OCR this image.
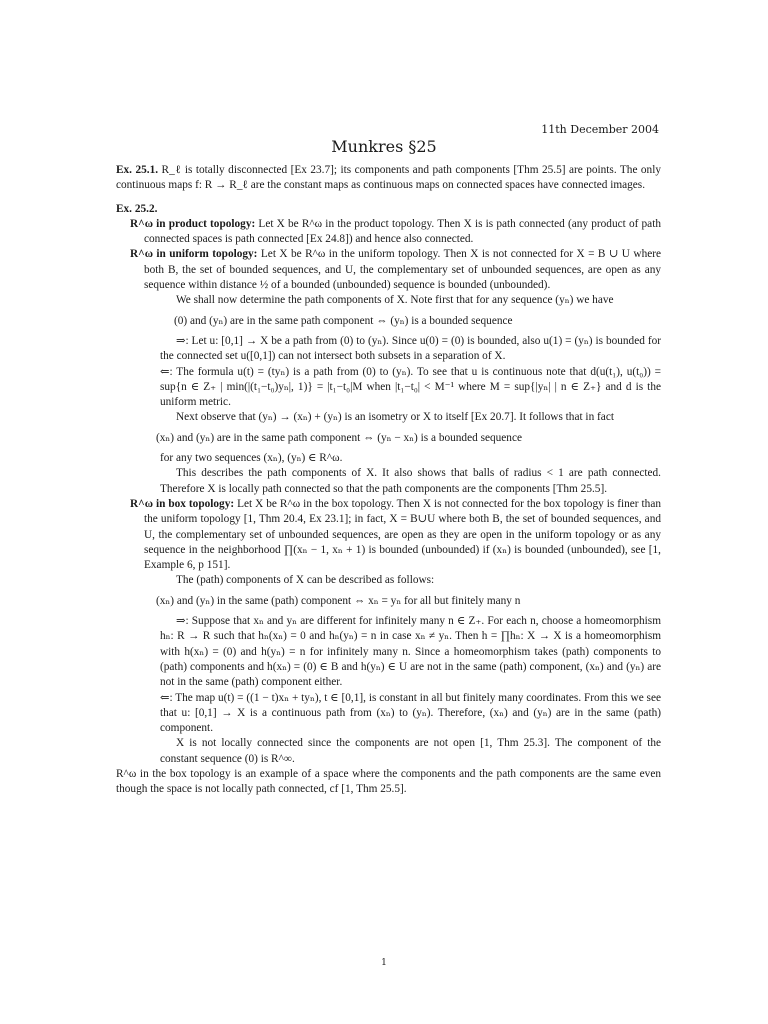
11th December 2004
Munkres §25

Ex. 25.1. R_ℓ is totally disconnected [Ex 23.7]; its components and path components [Thm 25.5] are points. The only continuous maps f: R → R_ℓ are the constant maps as continuous maps on connected spaces have connected images.

Ex. 25.2.

R^ω in product topology: Let X be R^ω in the product topology. Then X is is path connected (any product of path connected spaces is path connected [Ex 24.8]) and hence also connected.

R^ω in uniform topology: Let X be R^ω in the uniform topology. Then X is not connected for X = B ∪ U where both B, the set of bounded sequences, and U, the complementary set of unbounded sequences, are open as any sequence within distance ½ of a bounded (unbounded) sequence is bounded (unbounded).

We shall now determine the path components of X. Note first that for any sequence (yₙ) we have

(0) and (yₙ) are in the same path component ⇔ (yₙ) is a bounded sequence

⇒: Let u: [0,1] → X be a path from (0) to (yₙ). Since u(0) = (0) is bounded, also u(1) = (yₙ) is bounded for the connected set u([0,1]) can not intersect both subsets in a separation of X.

⇐: The formula u(t) = (tyₙ) is a path from (0) to (yₙ). To see that u is continuous note that d(u(t₁), u(t₀)) = sup{n ∈ Z₊ | min(|(t₁−t₀)yₙ|, 1)} = |t₁−t₀|M when |t₁−t₀| < M⁻¹ where M = sup{|yₙ| | n ∈ Z₊} and d is the uniform metric.

Next observe that (yₙ) → (xₙ) + (yₙ) is an isometry or X to itself [Ex 20.7]. It follows that in fact

(xₙ) and (yₙ) are in the same path component ⇔ (yₙ − xₙ) is a bounded sequence

for any two sequences (xₙ), (yₙ) ∈ R^ω.

This describes the path components of X. It also shows that balls of radius < 1 are path connected. Therefore X is locally path connected so that the path components are the components [Thm 25.5].

R^ω in box topology: Let X be R^ω in the box topology. Then X is not connected for the box topology is finer than the uniform topology [1, Thm 20.4, Ex 23.1]; in fact, X = B∪U where both B, the set of bounded sequences, and U, the complementary set of unbounded sequences, are open as they are open in the uniform topology or as any sequence in the neighborhood ∏(xₙ − 1, xₙ + 1) is bounded (unbounded) if (xₙ) is bounded (unbounded), see [1, Example 6, p 151].

The (path) components of X can be described as follows:

(xₙ) and (yₙ) in the same (path) component ⇔ xₙ = yₙ for all but finitely many n

⇒: Suppose that xₙ and yₙ are different for infinitely many n ∈ Z₊. For each n, choose a homeomorphism hₙ: R → R such that hₙ(xₙ) = 0 and hₙ(yₙ) = n in case xₙ ≠ yₙ. Then h = ∏hₙ: X → X is a homeomorphism with h(xₙ) = (0) and h(yₙ) = n for infinitely many n. Since a homeomorphism takes (path) components to (path) components and h(xₙ) = (0) ∈ B and h(yₙ) ∈ U are not in the same (path) component, (xₙ) and (yₙ) are not in the same (path) component either.

⇐: The map u(t) = ((1 − t)xₙ + tyₙ), t ∈ [0,1], is constant in all but finitely many coordinates. From this we see that u: [0,1] → X is a continuous path from (xₙ) to (yₙ). Therefore, (xₙ) and (yₙ) are in the same (path) component.

X is not locally connected since the components are not open [1, Thm 25.3]. The component of the constant sequence (0) is R^∞.

R^ω in the box topology is an example of a space where the components and the path components are the same even though the space is not locally path connected, cf [1, Thm 25.5].

1
